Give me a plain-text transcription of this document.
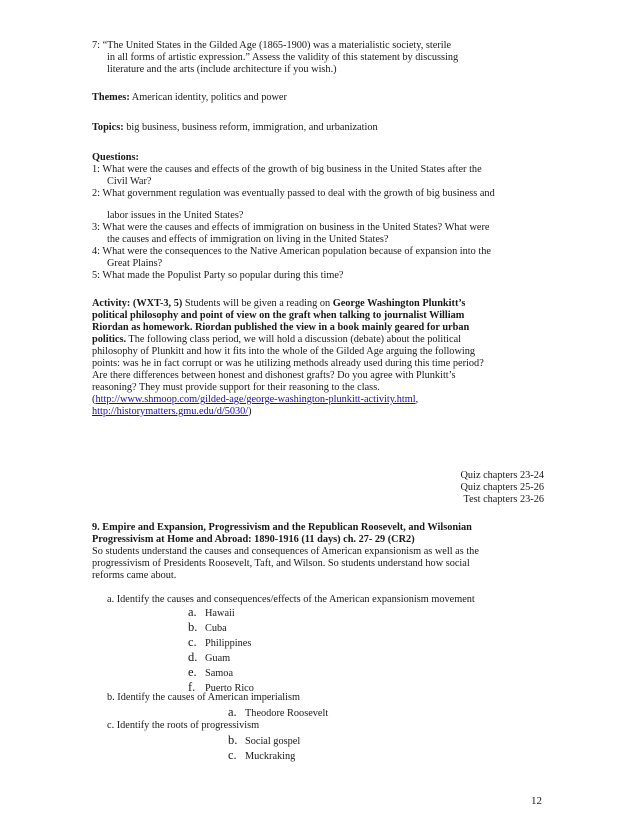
7: “The United States in the Gilded Age (1865-1900) was a materialistic society, sterile
in all forms of artistic expression.” Assess the validity of this statement by discussing
literature and the arts (include architecture if you wish.)
Themes: American identity, politics and power
Topics: big business, business reform, immigration, and urbanization
Questions:
1: What were the causes and effects of the growth of big business in the United States after the
Civil War?
2: What government regulation was eventually passed to deal with the growth of big business and
labor issues in the United States?
3: What were the causes and effects of immigration on business in the United States? What were
the causes and effects of immigration on living in the United States?
4: What were the consequences to the Native American population because of expansion into the
Great Plains?
5: What made the Populist Party so popular during this time?
Activity: (WXT-3, 5) Students will be given a reading on George Washington Plunkitt’s
political philosophy and point of view on the graft when talking to journalist William
Riordan as homework. Riordan published the view in a book mainly geared for urban
politics. The following class period, we will hold a discussion (debate) about the political
philosophy of Plunkitt and how it fits into the whole of the Gilded Age arguing the following
points: was he in fact corrupt or was he utilizing methods already used during this time period?
Are there differences between honest and dishonest grafts? Do you agree with Plunkitt’s
reasoning? They must provide support for their reasoning to the class.
(http://www.shmoop.com/gilded-age/george-washington-plunkitt-activity.html,
http://historymatters.gmu.edu/d/5030/)
Quiz chapters 23-24
Quiz chapters 25-26
Test chapters 23-26
9. Empire and Expansion, Progressivism and the Republican Roosevelt, and Wilsonian
Progressivism at Home and Abroad: 1890-1916 (11 days) ch. 27- 29 (CR2)
So students understand the causes and consequences of American expansionism as well as the
progressivism of Presidents Roosevelt, Taft, and Wilson. So students understand how social
reforms came about.
a. Identify the causes and consequences/effects of the American expansionism movement
a. Hawaii
b. Cuba
c. Philippines
d. Guam
e. Samoa
f. Puerto Rico
b. Identify the causes of American imperialism
a. Theodore Roosevelt
c. Identify the roots of progressivism
b. Social gospel
c. Muckraking
12
